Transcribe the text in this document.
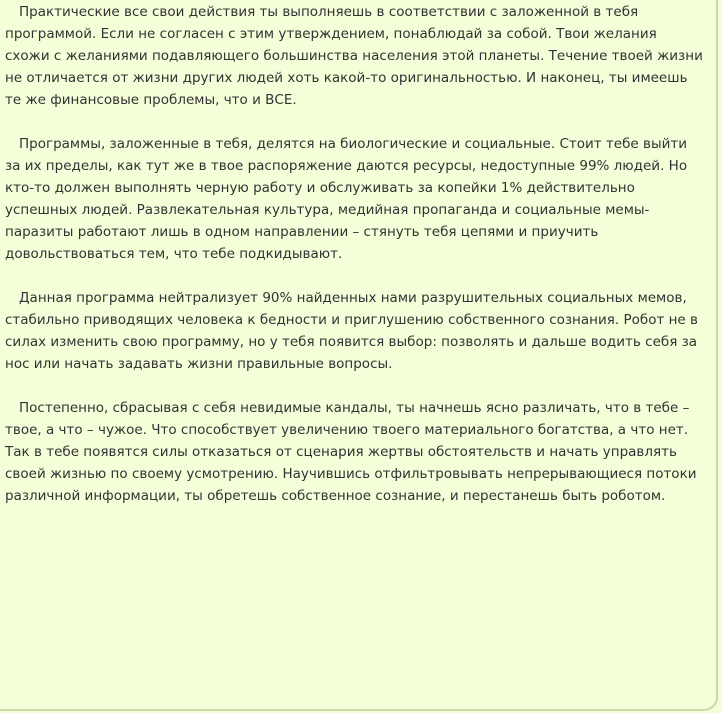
Практические все свои действия ты выполняешь в соответствии с заложенной в тебя программой. Если не согласен с этим утверждением, понаблюдай за собой. Твои желания схожи с желаниями подавляющего большинства населения этой планеты. Течение твоей жизни не отличается от жизни других людей хоть какой-то оригинальностью. И наконец, ты имеешь те же финансовые проблемы, что и ВСЕ.

Программы, заложенные в тебя, делятся на биологические и социальные. Стоит тебе выйти за их пределы, как тут же в твое распоряжение даются ресурсы, недоступные 99% людей. Но кто-то должен выполнять черную работу и обслуживать за копейки 1% действительно успешных людей. Развлекательная культура, медийная пропаганда и социальные мемы-паразиты работают лишь в одном направлении – стянуть тебя цепями и приучить довольствоваться тем, что тебе подкидывают.

Данная программа нейтрализует 90% найденных нами разрушительных социальных мемов, стабильно приводящих человека к бедности и приглушению собственного сознания. Робот не в силах изменить свою программу, но у тебя появится выбор: позволять и дальше водить себя за нос или начать задавать жизни правильные вопросы.

Постепенно, сбрасывая с себя невидимые кандалы, ты начнешь ясно различать, что в тебе – твое, а что – чужое. Что способствует увеличению твоего материального богатства, а что нет. Так в тебе появятся силы отказаться от сценария жертвы обстоятельств и начать управлять своей жизнью по своему усмотрению. Научившись отфильтровывать непрерывающиеся потоки различной информации, ты обретешь собственное сознание, и перестанешь быть роботом.
